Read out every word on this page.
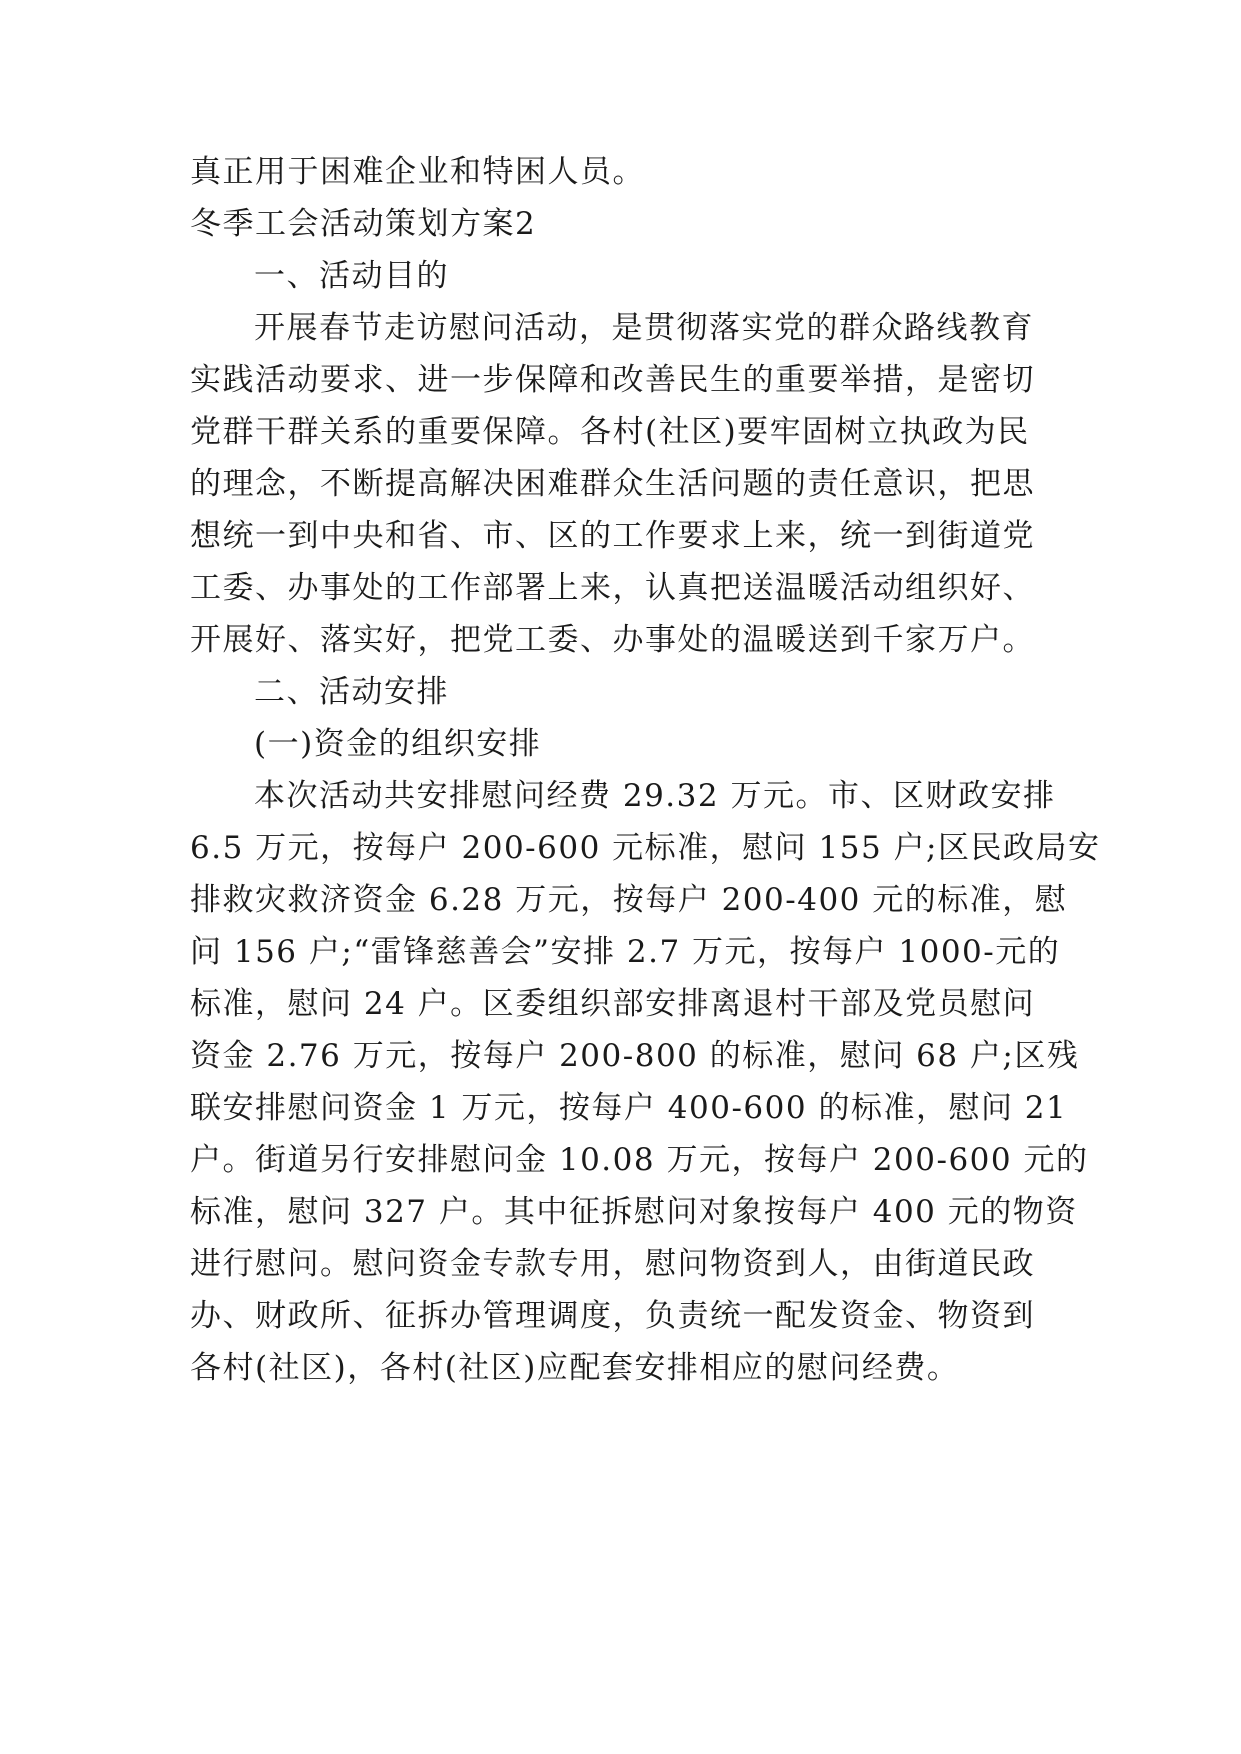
真正用于困难企业和特困人员。
冬季工会活动策划方案2
一、活动目的
开展春节走访慰问活动，是贯彻落实党的群众路线教育
实践活动要求、进一步保障和改善民生的重要举措，是密切
党群干群关系的重要保障。各村(社区)要牢固树立执政为民
的理念，不断提高解决困难群众生活问题的责任意识，把思
想统一到中央和省、市、区的工作要求上来，统一到街道党
工委、办事处的工作部署上来，认真把送温暖活动组织好、
开展好、落实好，把党工委、办事处的温暖送到千家万户。
二、活动安排
(一)资金的组织安排
本次活动共安排慰问经费 29.32 万元。市、区财政安排
6.5 万元，按每户 200-600 元标准，慰问 155 户;区民政局安
排救灾救济资金 6.28 万元，按每户 200-400 元的标准，慰
问 156 户;“雷锋慈善会”安排 2.7 万元，按每户 1000-元的
标准，慰问 24 户。区委组织部安排离退村干部及党员慰问
资金 2.76 万元，按每户 200-800 的标准，慰问 68 户;区残
联安排慰问资金 1 万元，按每户 400-600 的标准，慰问 21
户。街道另行安排慰问金 10.08 万元，按每户 200-600 元的
标准，慰问 327 户。其中征拆慰问对象按每户 400 元的物资
进行慰问。慰问资金专款专用，慰问物资到人，由街道民政
办、财政所、征拆办管理调度，负责统一配发资金、物资到
各村(社区)，各村(社区)应配套安排相应的慰问经费。
